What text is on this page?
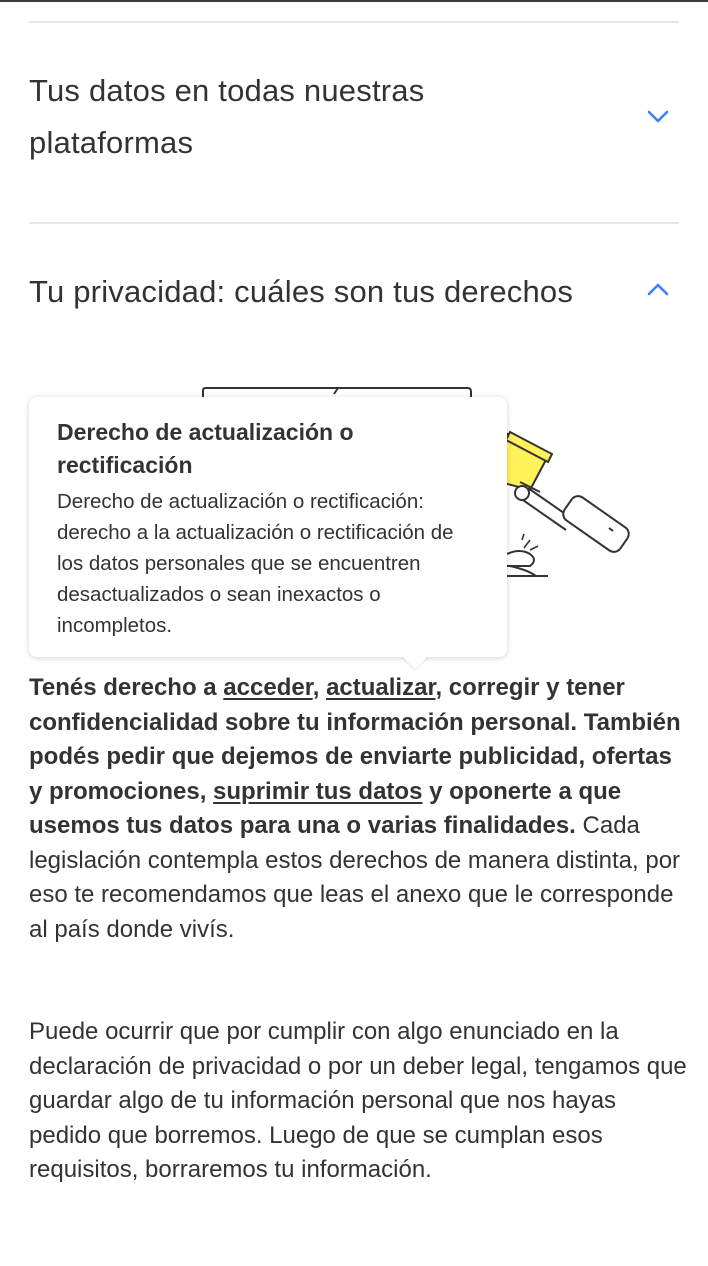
Tus datos en todas nuestras
plataformas
Tu privacidad: cuáles son tus derechos

Derecho de actualización o rectificación

Derecho de actualización o rectificación: derecho a la actualización o rectificación de los datos personales que se encuentren desactualizados o sean inexactos o incompletos.

Tenés derecho a acceder, actualizar, corregir y tener confidencialidad sobre tu información personal. También podés pedir que dejemos de enviarte publicidad, ofertas y promociones, suprimir tus datos y oponerte a que usemos tus datos para una o varias finalidades. Cada legislación contempla estos derechos de manera distinta, por eso te recomendamos que leas el anexo que le corresponde al país donde vivís.

Puede ocurrir que por cumplir con algo enunciado en la declaración de privacidad o por un deber legal, tengamos que guardar algo de tu información personal que nos hayas pedido que borremos. Luego de que se cumplan esos requisitos, borraremos tu información.
